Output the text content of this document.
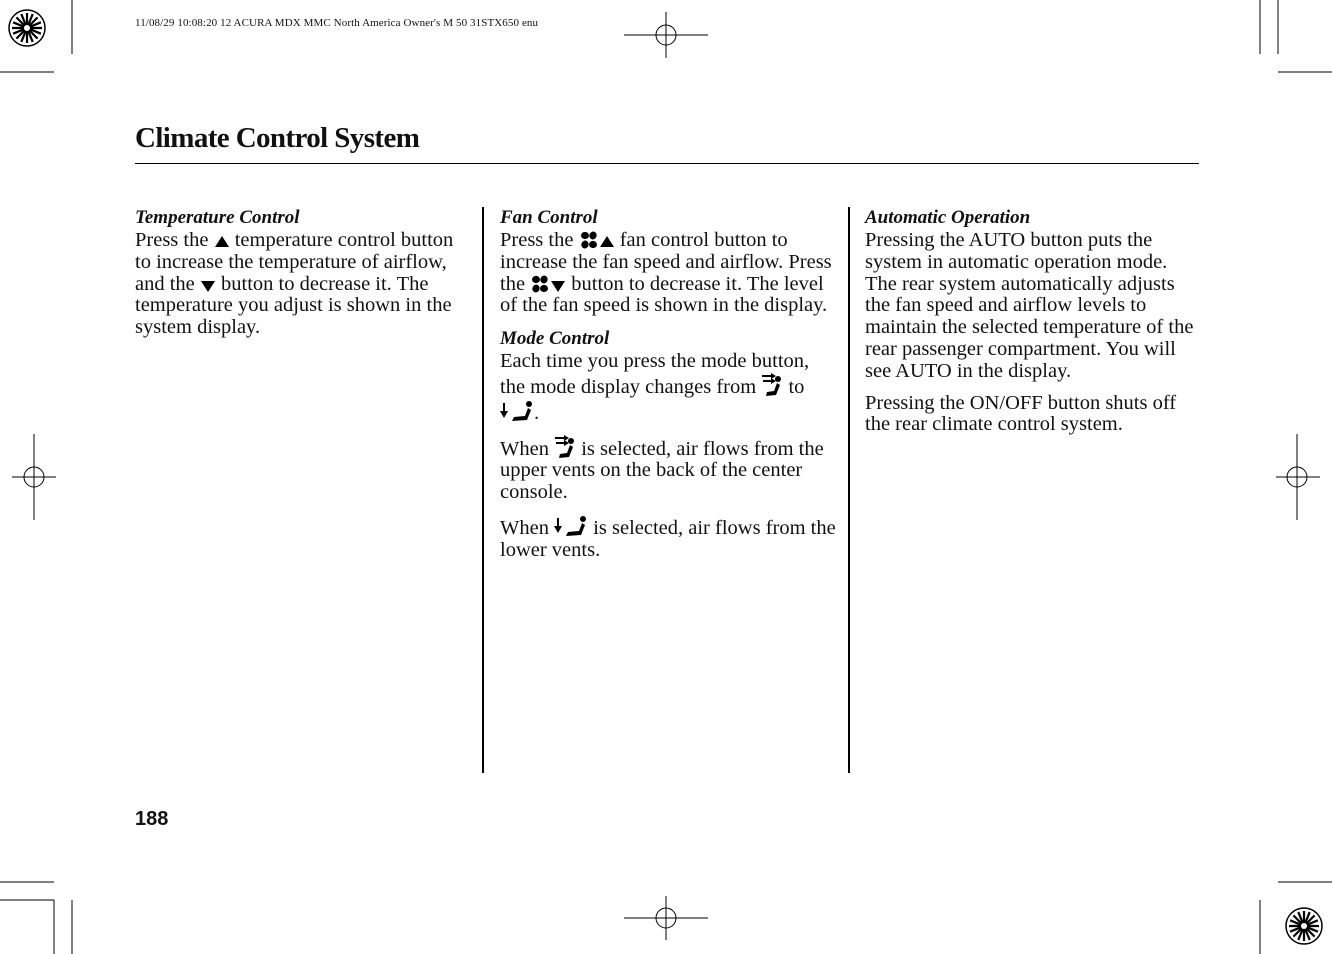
11/08/29 10:08:20 12 ACURA MDX MMC North America Owner's M 50 31STX650 enu
Climate Control System
Temperature Control

Press the
temperature control button to increase the temperature of airflow, and the
button to decrease it. The temperature you adjust is shown in the system display.

Fan Control

Press the
fan control button to increase the fan speed and airflow. Press the
button to decrease it. The level of the fan speed is shown in the display.

Mode Control

Each time you press the mode button, the mode display changes from
to
.

When
is selected, air flows from the upper vents on the back of the center console.

When
is selected, air flows from the lower vents.

Automatic Operation

Pressing the AUTO button puts the system in automatic operation mode. The rear system automatically adjusts the fan speed and airflow levels to maintain the selected temperature of the rear passenger compartment. You will see AUTO in the display.

Pressing the ON/OFF button shuts off the rear climate control system.

188
